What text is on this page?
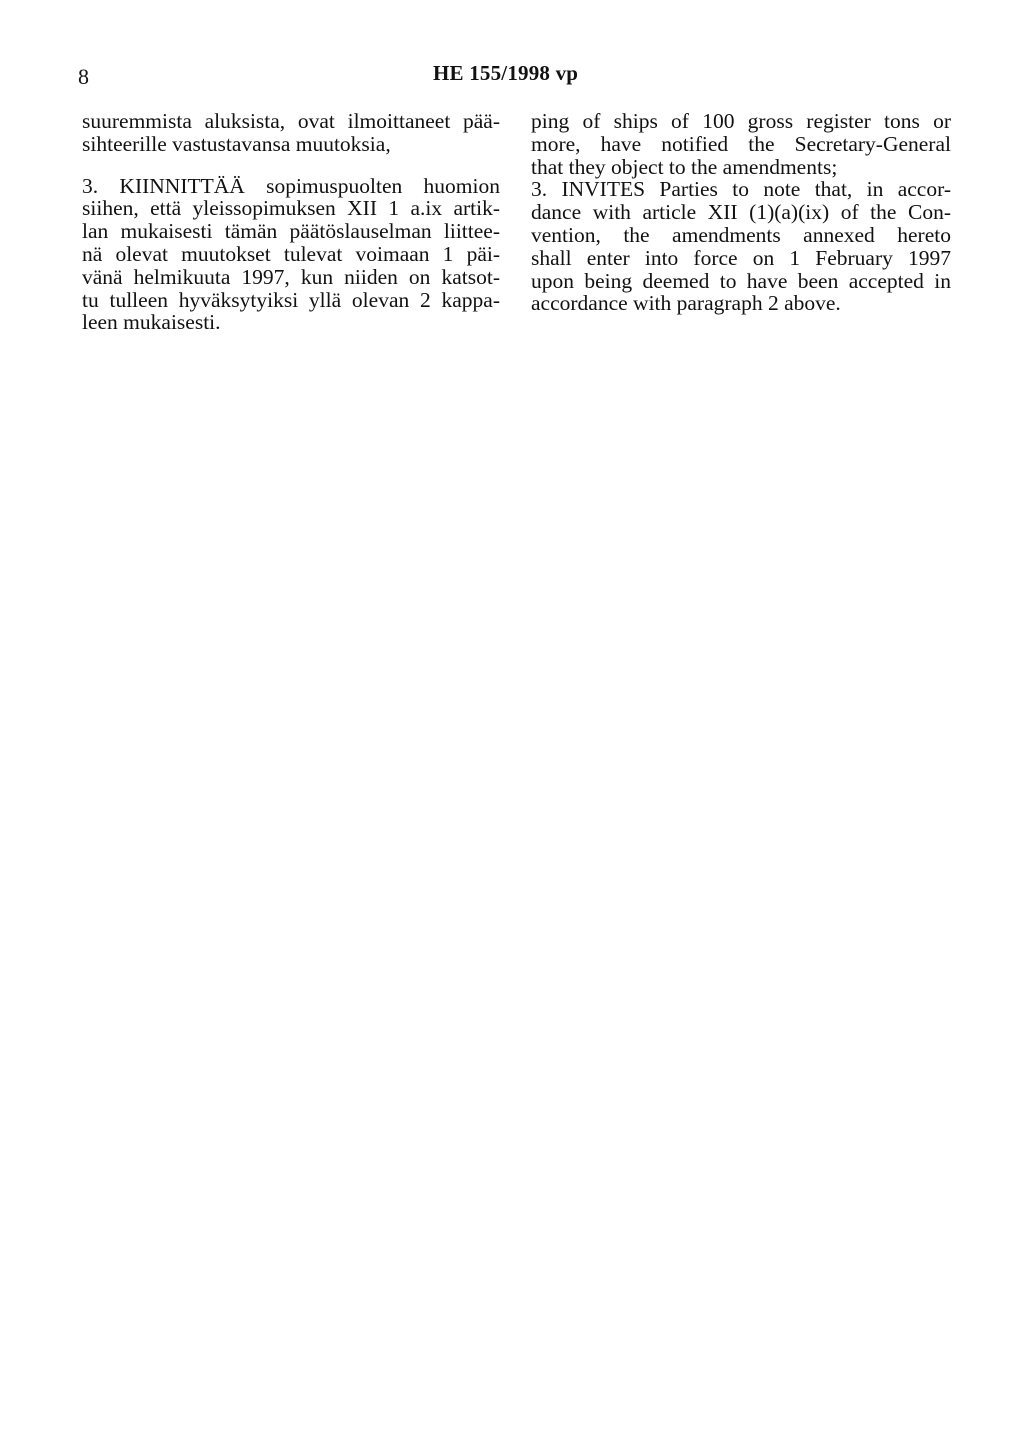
8	HE 155/1998 vp

suuremmista aluksista, ovat ilmoittaneet pää-
sihteerille vastustavansa muutoksia,

3. KIINNITTÄÄ sopimuspuolten huomion
siihen, että yleissopimuksen XII 1 a.ix artik-
lan mukaisesti tämän päätöslauselman liittee-
nä olevat muutokset tulevat voimaan 1 päi-
vänä helmikuuta 1997, kun niiden on katsot-
tu tulleen hyväksytyiksi yllä olevan 2 kappa-
leen mukaisesti.

ping of ships of 100 gross register tons or
more, have notified the Secretary-General
that they object to the amendments;

3. INVITES Parties to note that, in accor-
dance with article XII (1)(a)(ix) of the Con-
vention, the amendments annexed hereto
shall enter into force on 1 February 1997
upon being deemed to have been accepted in
accordance with paragraph 2 above.
